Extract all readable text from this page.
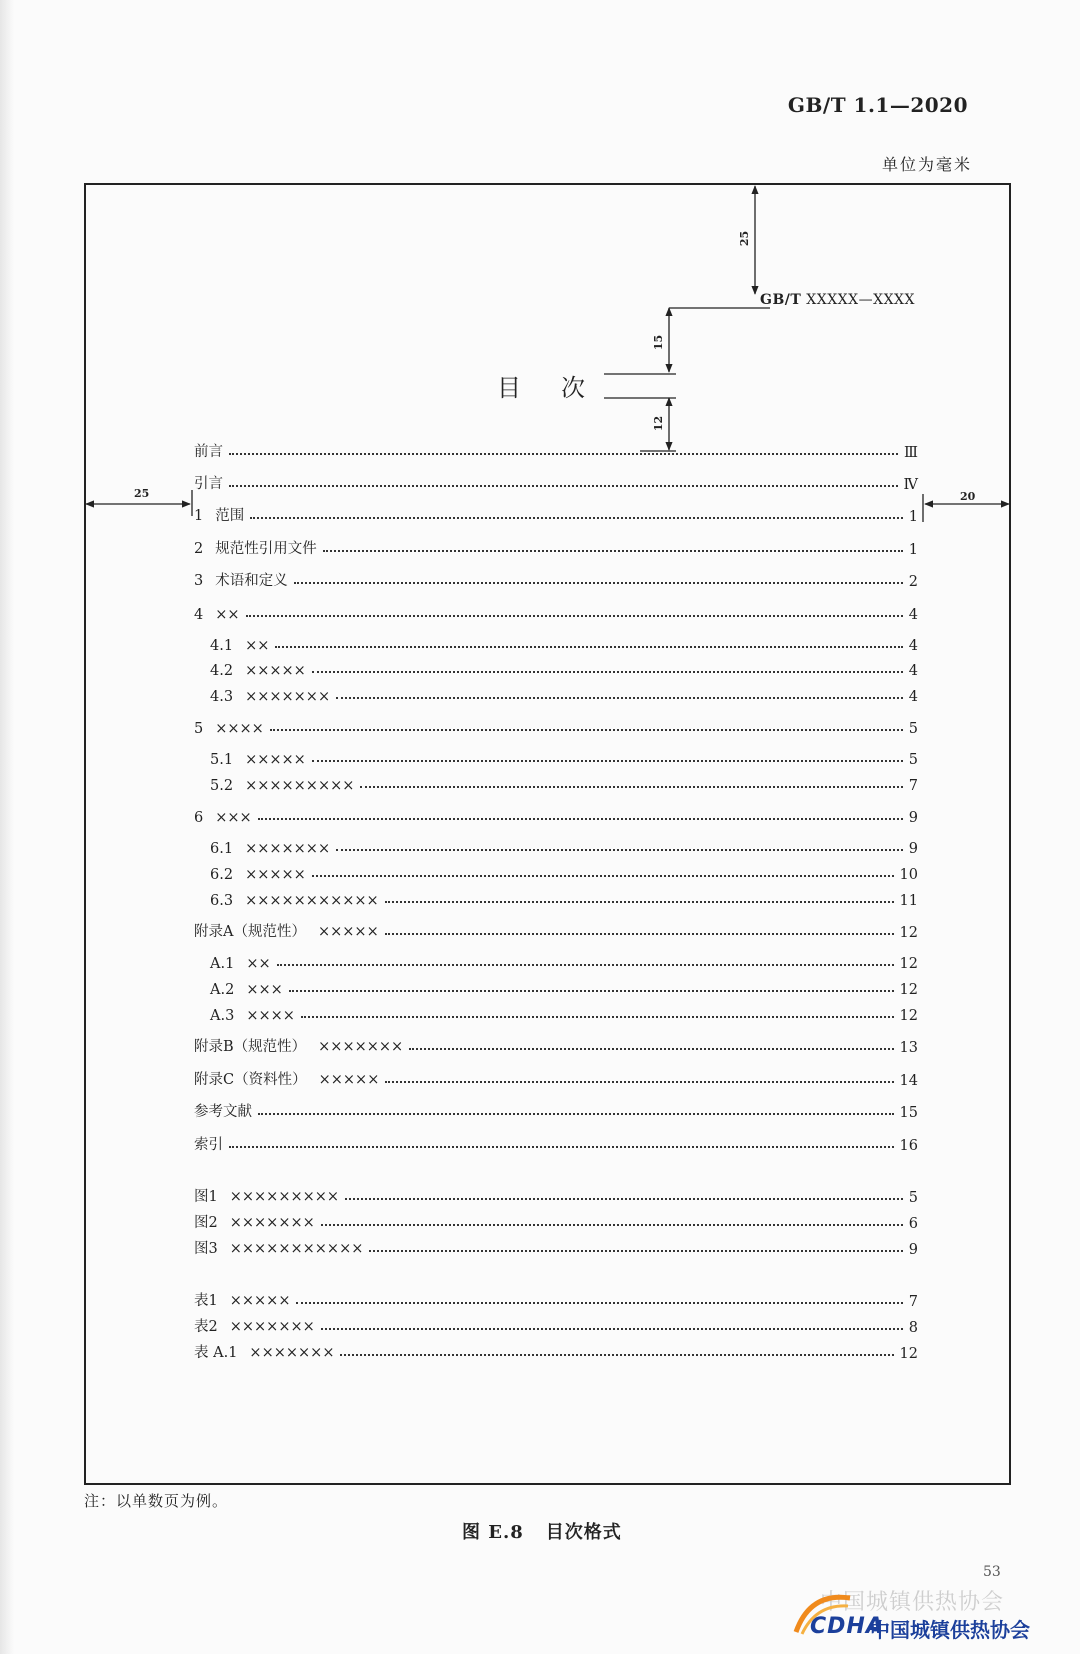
GB/T 1.1—2020
单位为毫米
25
15
12
25	20
GB/T XXXXX—XXXX
目次
前言	Ⅲ
引言	Ⅳ
1 范围	1
2 规范性引用文件	1
3 术语和定义	2
4 ××	4
4.1 ××	4
4.2 ×××××	4
4.3 ×××××××	4
5 ××××	5
5.1 ×××××	5
5.2 ×××××××××	7
6 ×××	9
6.1 ×××××××	9
6.2 ×××××	10
6.3 ×××××××××××	11
附录A（规范性） ×××××	12
A.1 ××	12
A.2 ×××	12
A.3 ××××	12
附录B（规范性） ×××××××	13
附录C（资料性） ×××××	14
参考文献	15
索引	16
图1 ×××××××××	5
图2 ×××××××	6
图3 ×××××××××××	9
表1 ×××××	7
表2 ×××××××	8
表 A.1 ×××××××	12
注：以单数页为例。
图 E.8 目次格式
53
中国城镇供热协会
CDHA
中国城镇供热协会
